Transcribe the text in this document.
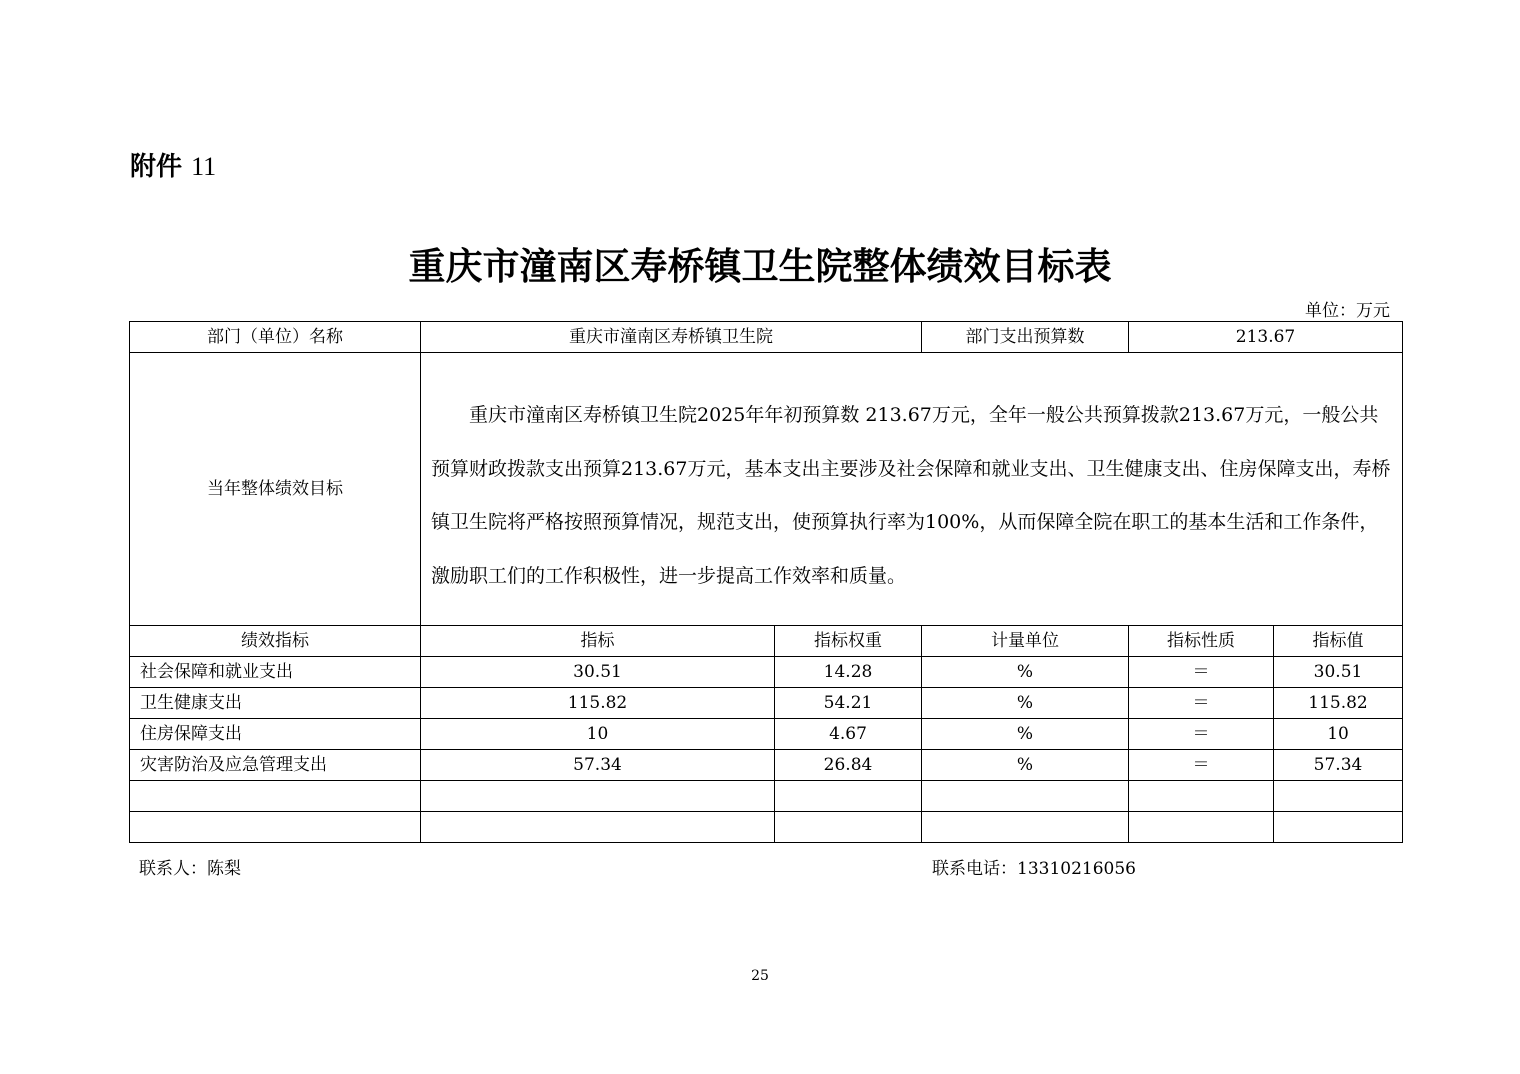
附件 11
重庆市潼南区寿桥镇卫生院整体绩效目标表
单位：万元
部门（单位）名称	重庆市潼南区寿桥镇卫生院		部门支出预算数	213.67	
当年整体绩效目标	重庆市潼南区寿桥镇卫生院2025年年初预算数 213.67万元，全年一般公共预算拨款213.67万元，一般公共预算财政拨款支出预算213.67万元，基本支出主要涉及社会保障和就业支出、卫生健康支出、住房保障支出，寿桥镇卫生院将严格按照预算情况，规范支出，使预算执行率为100%，从而保障全院在职工的基本生活和工作条件，激励职工们的工作积极性，进一步提高工作效率和质量。				
绩效指标	指标	指标权重	计量单位	指标性质	指标值
社会保障和就业支出	30.51	14.28	%	＝	30.51
卫生健康支出	115.82	54.21	%	＝	115.82
住房保障支出	10	4.67	%	＝	10
灾害防治及应急管理支出	57.34	26.84	%	＝	57.34

联系人：陈梨	联系电话：13310216056
25
